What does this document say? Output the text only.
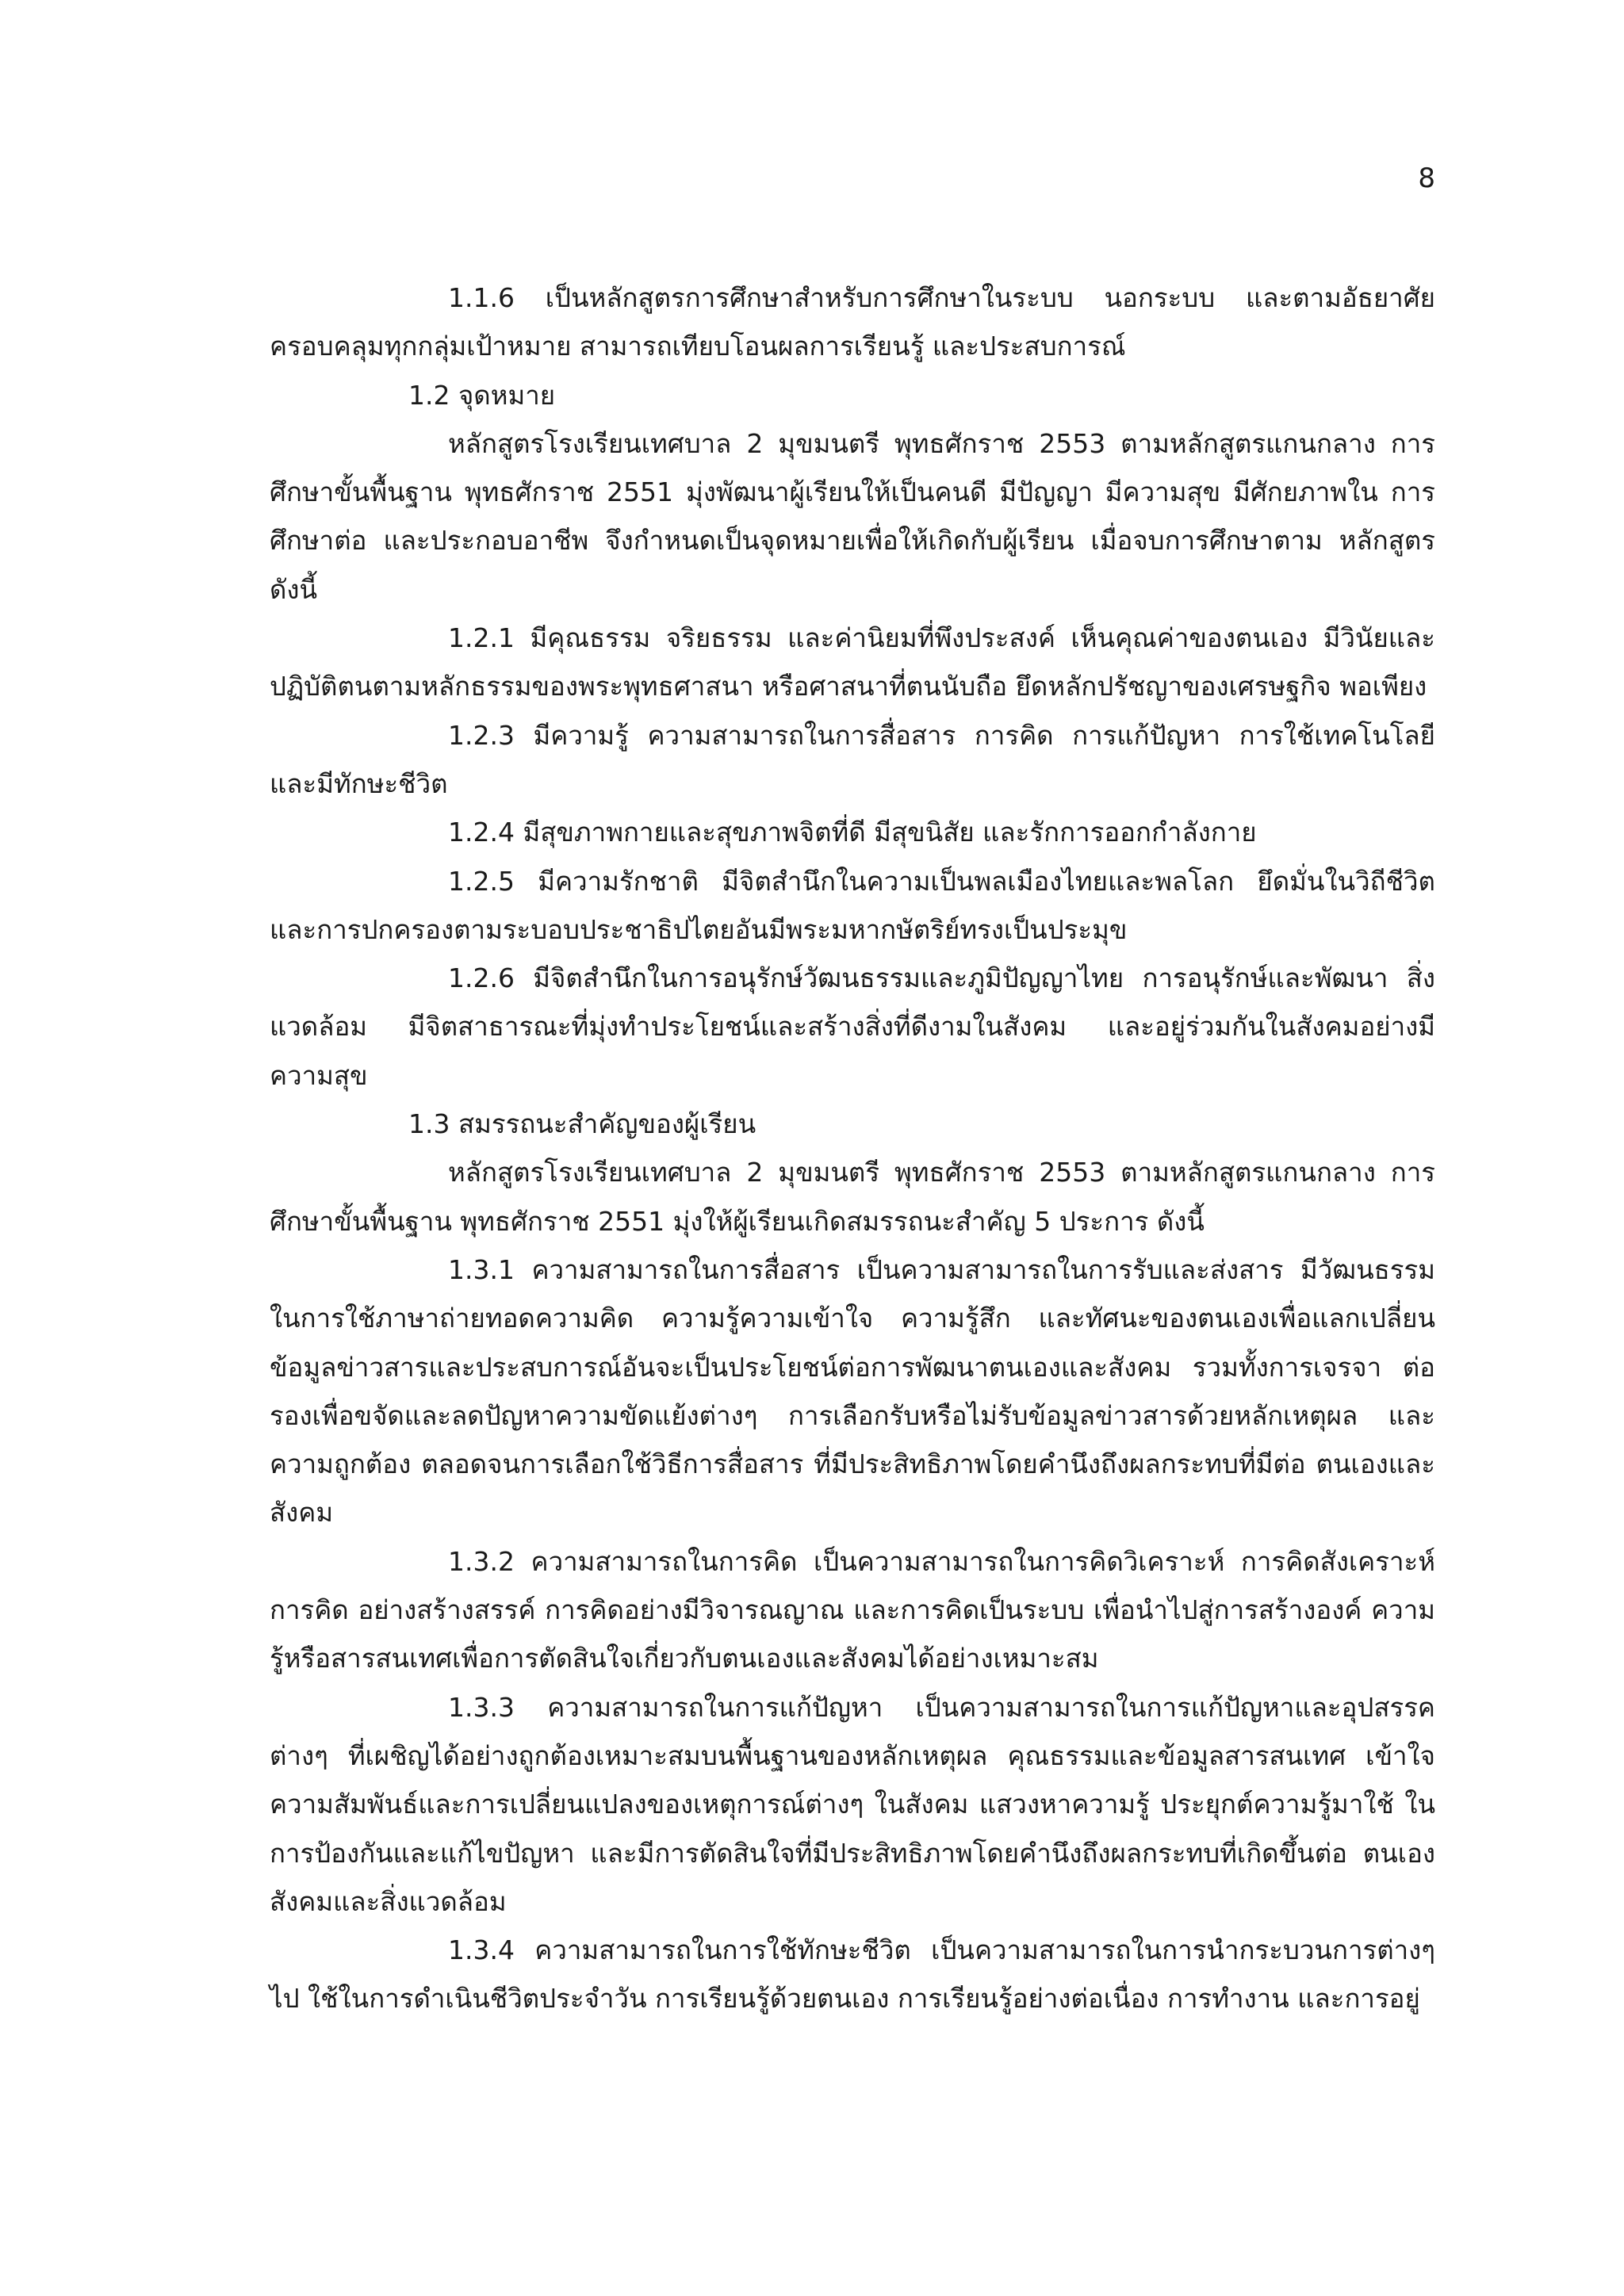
8

1.1.6 เป็นหลักสูตรการศึกษาสำหรับการศึกษาในระบบ นอกระบบ และตามอัธยาศัย ครอบคลุมทุกกลุ่มเป้าหมาย สามารถเทียบโอนผลการเรียนรู้ และประสบการณ์

1.2 จุดหมาย

หลักสูตรโรงเรียนเทศบาล 2 มุขมนตรี พุทธศักราช 2553 ตามหลักสูตรแกนกลาง การศึกษาขั้นพื้นฐาน พุทธศักราช 2551 มุ่งพัฒนาผู้เรียนให้เป็นคนดี มีปัญญา มีความสุข มีศักยภาพใน การศึกษาต่อ และประกอบอาชีพ จึงกำหนดเป็นจุดหมายเพื่อให้เกิดกับผู้เรียน เมื่อจบการศึกษาตาม หลักสูตร ดังนี้

1.2.1 มีคุณธรรม จริยธรรม และค่านิยมที่พึงประสงค์ เห็นคุณค่าของตนเอง มีวินัยและ ปฏิบัติตนตามหลักธรรมของพระพุทธศาสนา หรือศาสนาที่ตนนับถือ ยึดหลักปรัชญาของเศรษฐกิจ พอเพียง

1.2.3 มีความรู้ ความสามารถในการสื่อสาร การคิด การแก้ปัญหา การใช้เทคโนโลยี และมีทักษะชีวิต

1.2.4 มีสุขภาพกายและสุขภาพจิตที่ดี มีสุขนิสัย และรักการออกกำลังกาย

1.2.5 มีความรักชาติ มีจิตสำนึกในความเป็นพลเมืองไทยและพลโลก ยึดมั่นในวิถีชีวิต และการปกครองตามระบอบประชาธิปไตยอันมีพระมหากษัตริย์ทรงเป็นประมุข

1.2.6 มีจิตสำนึกในการอนุรักษ์วัฒนธรรมและภูมิปัญญาไทย การอนุรักษ์และพัฒนา สิ่งแวดล้อม มีจิตสาธารณะที่มุ่งทำประโยชน์และสร้างสิ่งที่ดีงามในสังคม และอยู่ร่วมกันในสังคมอย่างมี ความสุข

1.3 สมรรถนะสำคัญของผู้เรียน

หลักสูตรโรงเรียนเทศบาล 2 มุขมนตรี พุทธศักราช 2553 ตามหลักสูตรแกนกลาง การศึกษาขั้นพื้นฐาน พุทธศักราช 2551 มุ่งให้ผู้เรียนเกิดสมรรถนะสำคัญ 5 ประการ ดังนี้

1.3.1 ความสามารถในการสื่อสาร เป็นความสามารถในการรับและส่งสาร มีวัฒนธรรม ในการใช้ภาษาถ่ายทอดความคิด ความรู้ความเข้าใจ ความรู้สึก และทัศนะของตนเองเพื่อแลกเปลี่ยน ข้อมูลข่าวสารและประสบการณ์อันจะเป็นประโยชน์ต่อการพัฒนาตนเองและสังคม รวมทั้งการเจรจา ต่อรองเพื่อขจัดและลดปัญหาความขัดแย้งต่างๆ การเลือกรับหรือไม่รับข้อมูลข่าวสารด้วยหลักเหตุผล และความถูกต้อง ตลอดจนการเลือกใช้วิธีการสื่อสาร ที่มีประสิทธิภาพโดยคำนึงถึงผลกระทบที่มีต่อ ตนเองและสังคม

1.3.2 ความสามารถในการคิด เป็นความสามารถในการคิดวิเคราะห์ การคิดสังเคราะห์ การคิด อย่างสร้างสรรค์ การคิดอย่างมีวิจารณญาณ และการคิดเป็นระบบ เพื่อนำไปสู่การสร้างองค์ ความรู้หรือสารสนเทศเพื่อการตัดสินใจเกี่ยวกับตนเองและสังคมได้อย่างเหมาะสม

1.3.3 ความสามารถในการแก้ปัญหา เป็นความสามารถในการแก้ปัญหาและอุปสรรค ต่างๆ ที่เผชิญได้อย่างถูกต้องเหมาะสมบนพื้นฐานของหลักเหตุผล คุณธรรมและข้อมูลสารสนเทศ เข้าใจ ความสัมพันธ์และการเปลี่ยนแปลงของเหตุการณ์ต่างๆ ในสังคม แสวงหาความรู้ ประยุกต์ความรู้มาใช้ ในการป้องกันและแก้ไขปัญหา และมีการตัดสินใจที่มีประสิทธิภาพโดยคำนึงถึงผลกระทบที่เกิดขึ้นต่อ ตนเอง สังคมและสิ่งแวดล้อม

1.3.4 ความสามารถในการใช้ทักษะชีวิต เป็นความสามารถในการนำกระบวนการต่างๆ ไป ใช้ในการดำเนินชีวิตประจำวัน การเรียนรู้ด้วยตนเอง การเรียนรู้อย่างต่อเนื่อง การทำงาน และการอยู่
